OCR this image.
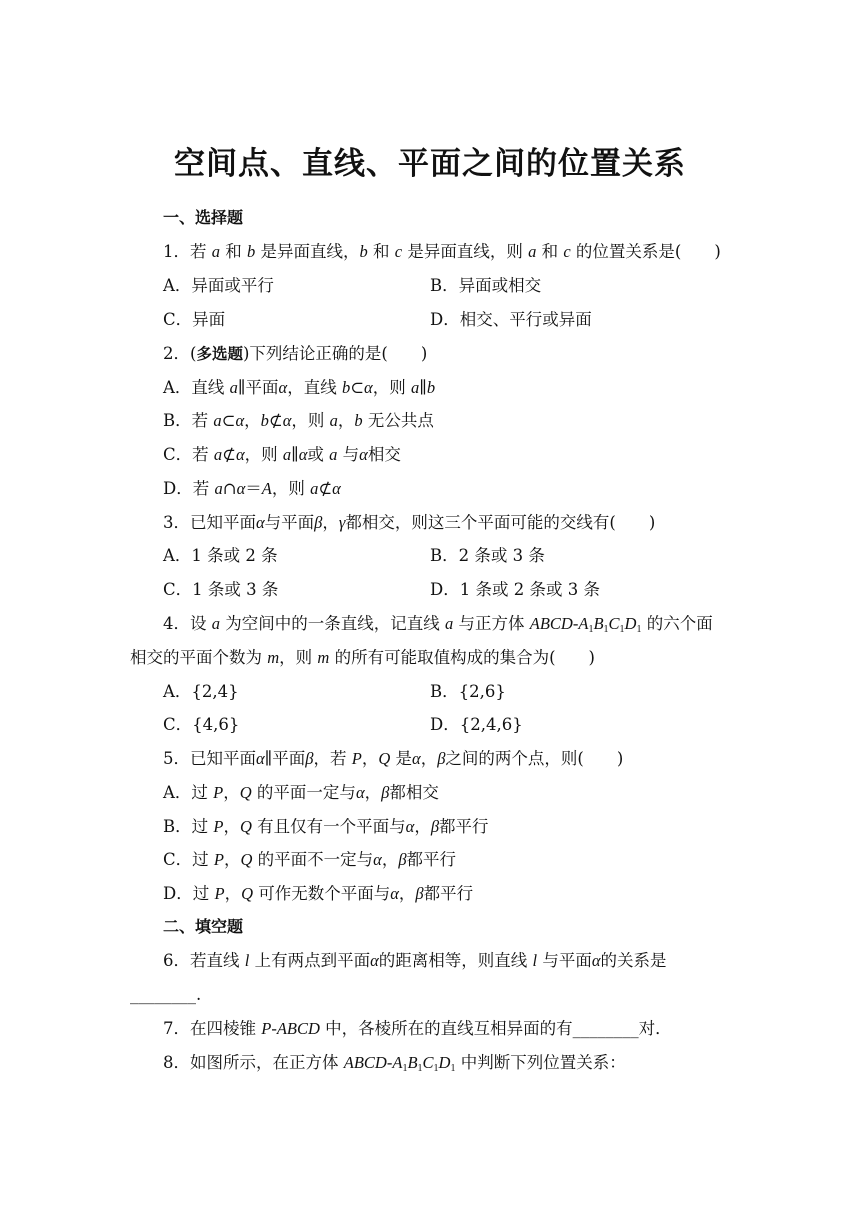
空间点、直线、平面之间的位置关系
一、选择题
1．若 a 和 b 是异面直线，b 和 c 是异面直线，则 a 和 c 的位置关系是(　　)
A．异面或平行	B．异面或相交
C．异面	D．相交、平行或异面
2．(多选题)下列结论正确的是(　　)
A．直线 a∥平面α，直线 b⊂α，则 a∥b
B．若 a⊂α，b⊄α，则 a，b 无公共点
C．若 a⊄α，则 a∥α或 a 与α相交
D．若 a∩α＝A，则 a⊄α
3．已知平面α与平面β，γ都相交，则这三个平面可能的交线有(　　)
A．1 条或 2 条	B．2 条或 3 条
C．1 条或 3 条	D．1 条或 2 条或 3 条
4．设 a 为空间中的一条直线，记直线 a 与正方体 ABCD-$A_1B_1C_1D_1$ 的六个面
相交的平面个数为 m，则 m 的所有可能取值构成的集合为(　　)
A．{2,4}	B．{2,6}
C．{4,6}	D．{2,4,6}
5．已知平面α∥平面β，若 P，Q 是α，β之间的两个点，则(　　)
A．过 P，Q 的平面一定与α，β都相交
B．过 P，Q 有且仅有一个平面与α，β都平行
C．过 P，Q 的平面不一定与α，β都平行
D．过 P，Q 可作无数个平面与α，β都平行
二、填空题
6．若直线 l 上有两点到平面α的距离相等，则直线 l 与平面α的关系是
________.
7．在四棱锥 P-ABCD 中，各棱所在的直线互相异面的有________对．
8．如图所示，在正方体 ABCD-$A_1B_1C_1D_1$ 中判断下列位置关系：
